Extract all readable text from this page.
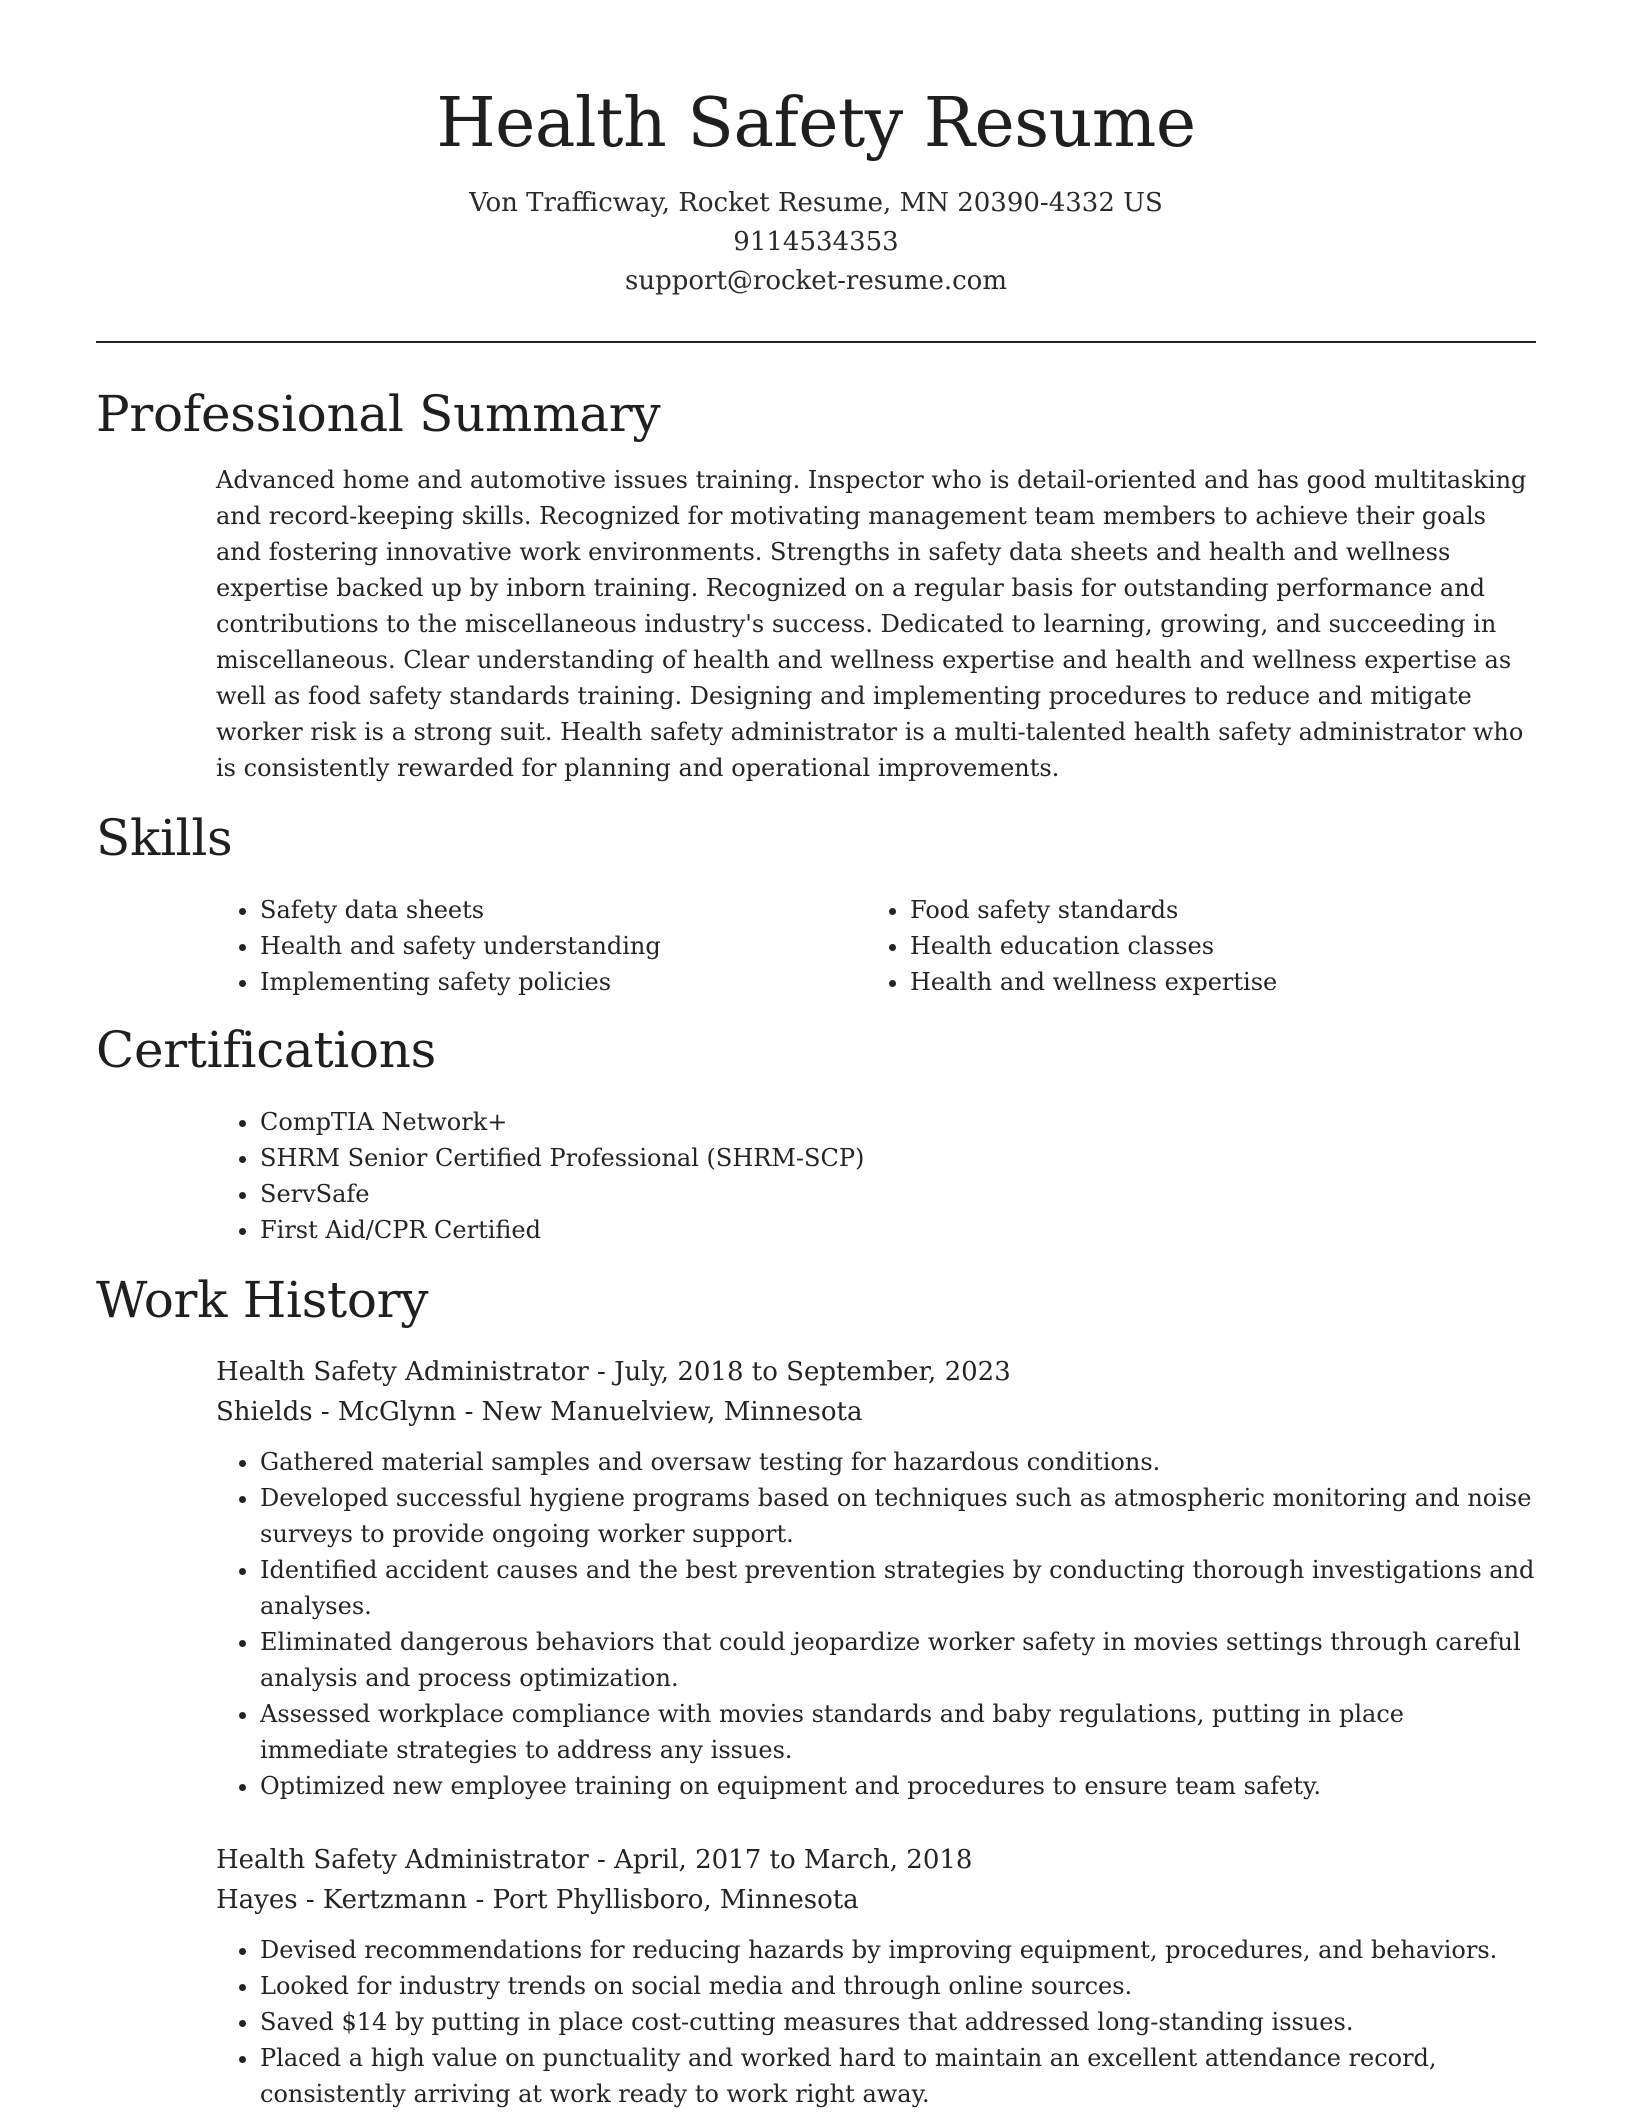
Health Safety Resume
Von Trafficway, Rocket Resume, MN 20390-4332 US
9114534353
support@rocket-resume.com
Professional Summary

Advanced home and automotive issues training. Inspector who is detail-oriented and has good multitasking and record-keeping skills. Recognized for motivating management team members to achieve their goals and fostering innovative work environments. Strengths in safety data sheets and health and wellness expertise backed up by inborn training. Recognized on a regular basis for outstanding performance and contributions to the miscellaneous industry's success. Dedicated to learning, growing, and succeeding in miscellaneous. Clear understanding of health and wellness expertise and health and wellness expertise as well as food safety standards training. Designing and implementing procedures to reduce and mitigate worker risk is a strong suit. Health safety administrator is a multi-talented health safety administrator who is consistently rewarded for planning and operational improvements.

Skills
• Safety data sheets
• Health and safety understanding
• Implementing safety policies
• Food safety standards
• Health education classes
• Health and wellness expertise
Certifications
• CompTIA Network+
• SHRM Senior Certified Professional (SHRM-SCP)
• ServSafe
• First Aid/CPR Certified
Work History
Health Safety Administrator - July, 2018 to September, 2023
Shields - McGlynn - New Manuelview, Minnesota
• Gathered material samples and oversaw testing for hazardous conditions.
• Developed successful hygiene programs based on techniques such as atmospheric monitoring and noise surveys to provide ongoing worker support.
• Identified accident causes and the best prevention strategies by conducting thorough investigations and analyses.
• Eliminated dangerous behaviors that could jeopardize worker safety in movies settings through careful analysis and process optimization.
• Assessed workplace compliance with movies standards and baby regulations, putting in place immediate strategies to address any issues.
• Optimized new employee training on equipment and procedures to ensure team safety.
Health Safety Administrator - April, 2017 to March, 2018
Hayes - Kertzmann - Port Phyllisboro, Minnesota
• Devised recommendations for reducing hazards by improving equipment, procedures, and behaviors.
• Looked for industry trends on social media and through online sources.
• Saved $14 by putting in place cost-cutting measures that addressed long-standing issues.
• Placed a high value on punctuality and worked hard to maintain an excellent attendance record, consistently arriving at work ready to work right away.
